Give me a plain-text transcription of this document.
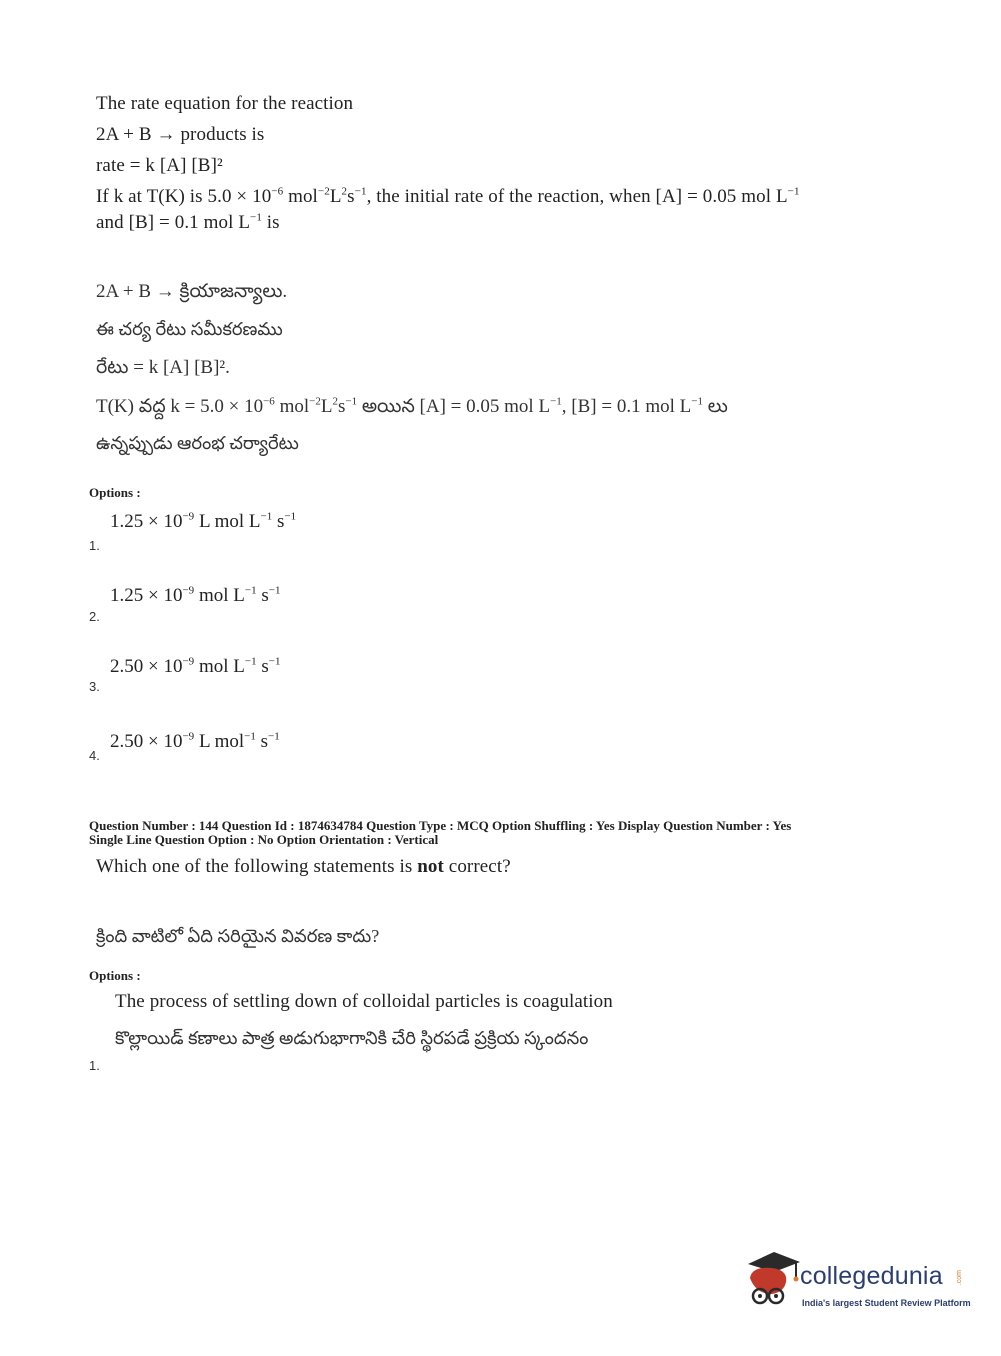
The rate equation for the reaction
2A + B → products is
rate = k [A] [B]²
If k at T(K) is $5.0 \times 10^{-6}$ $mol^{-2}L^2s^{-1}$, the initial rate of the reaction, when [A] = 0.05 mol $L^{-1}$
and [B] = 0.1 mol $L^{-1}$ is
2A + B → క్రియాజన్యాలు.
ఈ చర్య రేటు సమీకరణము
రేటు = k [A] [B]².
T(K) వద్ద $k = 5.0 \times 10^{-6}$ $mol^{-2}L^2s^{-1}$ అయిన [A] = 0.05 mol $L^{-1}$, [B] = 0.1 mol $L^{-1}$ లు
ఉన్నప్పుడు ఆరంభ చర్యారేటు
Options :
$1.25 \times 10^{-9}$ L mol $L^{-1}$ $s^{-1}$
1.
$1.25 \times 10^{-9}$ mol $L^{-1}$ $s^{-1}$
2.
$2.50 \times 10^{-9}$ mol $L^{-1}$ $s^{-1}$
3.
$2.50 \times 10^{-9}$ L mol$^{-1}$ $s^{-1}$
4.
Question Number : 144 Question Id : 1874634784 Question Type : MCQ Option Shuffling : Yes Display Question Number : Yes
Single Line Question Option : No Option Orientation : Vertical
Which one of the following statements is not correct?
క్రింది వాటిలో ఏది సరియైన వివరణ కాదు?
Options :
The process of settling down of colloidal particles is coagulation
కొల్లాయిడ్ కణాలు పాత్ర అడుగుభాగానికి చేరి స్థిరపడే ప్రక్రియ స్కందనం
1.
collegedunia .com
India's largest Student Review Platform
